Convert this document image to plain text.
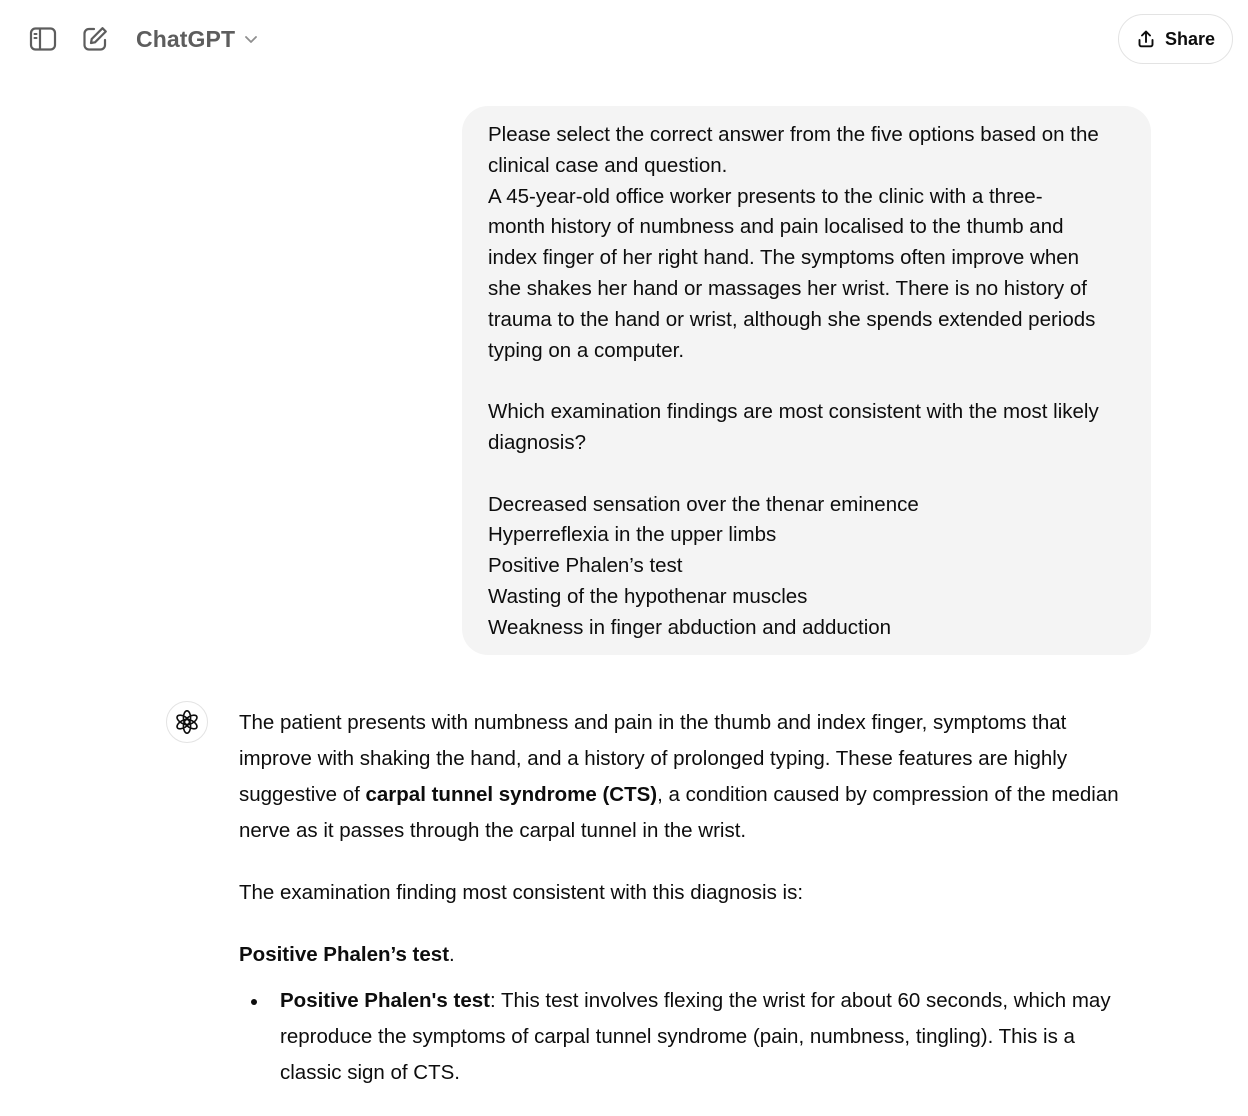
ChatGPT	Share
Please select the correct answer from the five options based on the
clinical case and question.
A 45-year-old office worker presents to the clinic with a three-
month history of numbness and pain localised to the thumb and
index finger of her right hand. The symptoms often improve when
she shakes her hand or massages her wrist. There is no history of
trauma to the hand or wrist, although she spends extended periods
typing on a computer.
Which examination findings are most consistent with the most likely
diagnosis?
Decreased sensation over the thenar eminence
Hyperreflexia in the upper limbs
Positive Phalen’s test
Wasting of the hypothenar muscles
Weakness in finger abduction and adduction
The patient presents with numbness and pain in the thumb and index finger, symptoms that
improve with shaking the hand, and a history of prolonged typing. These features are highly
suggestive of carpal tunnel syndrome (CTS), a condition caused by compression of the median
nerve as it passes through the carpal tunnel in the wrist.
The examination finding most consistent with this diagnosis is:
Positive Phalen’s test.
Positive Phalen's test: This test involves flexing the wrist for about 60 seconds, which may
reproduce the symptoms of carpal tunnel syndrome (pain, numbness, tingling). This is a
classic sign of CTS.
